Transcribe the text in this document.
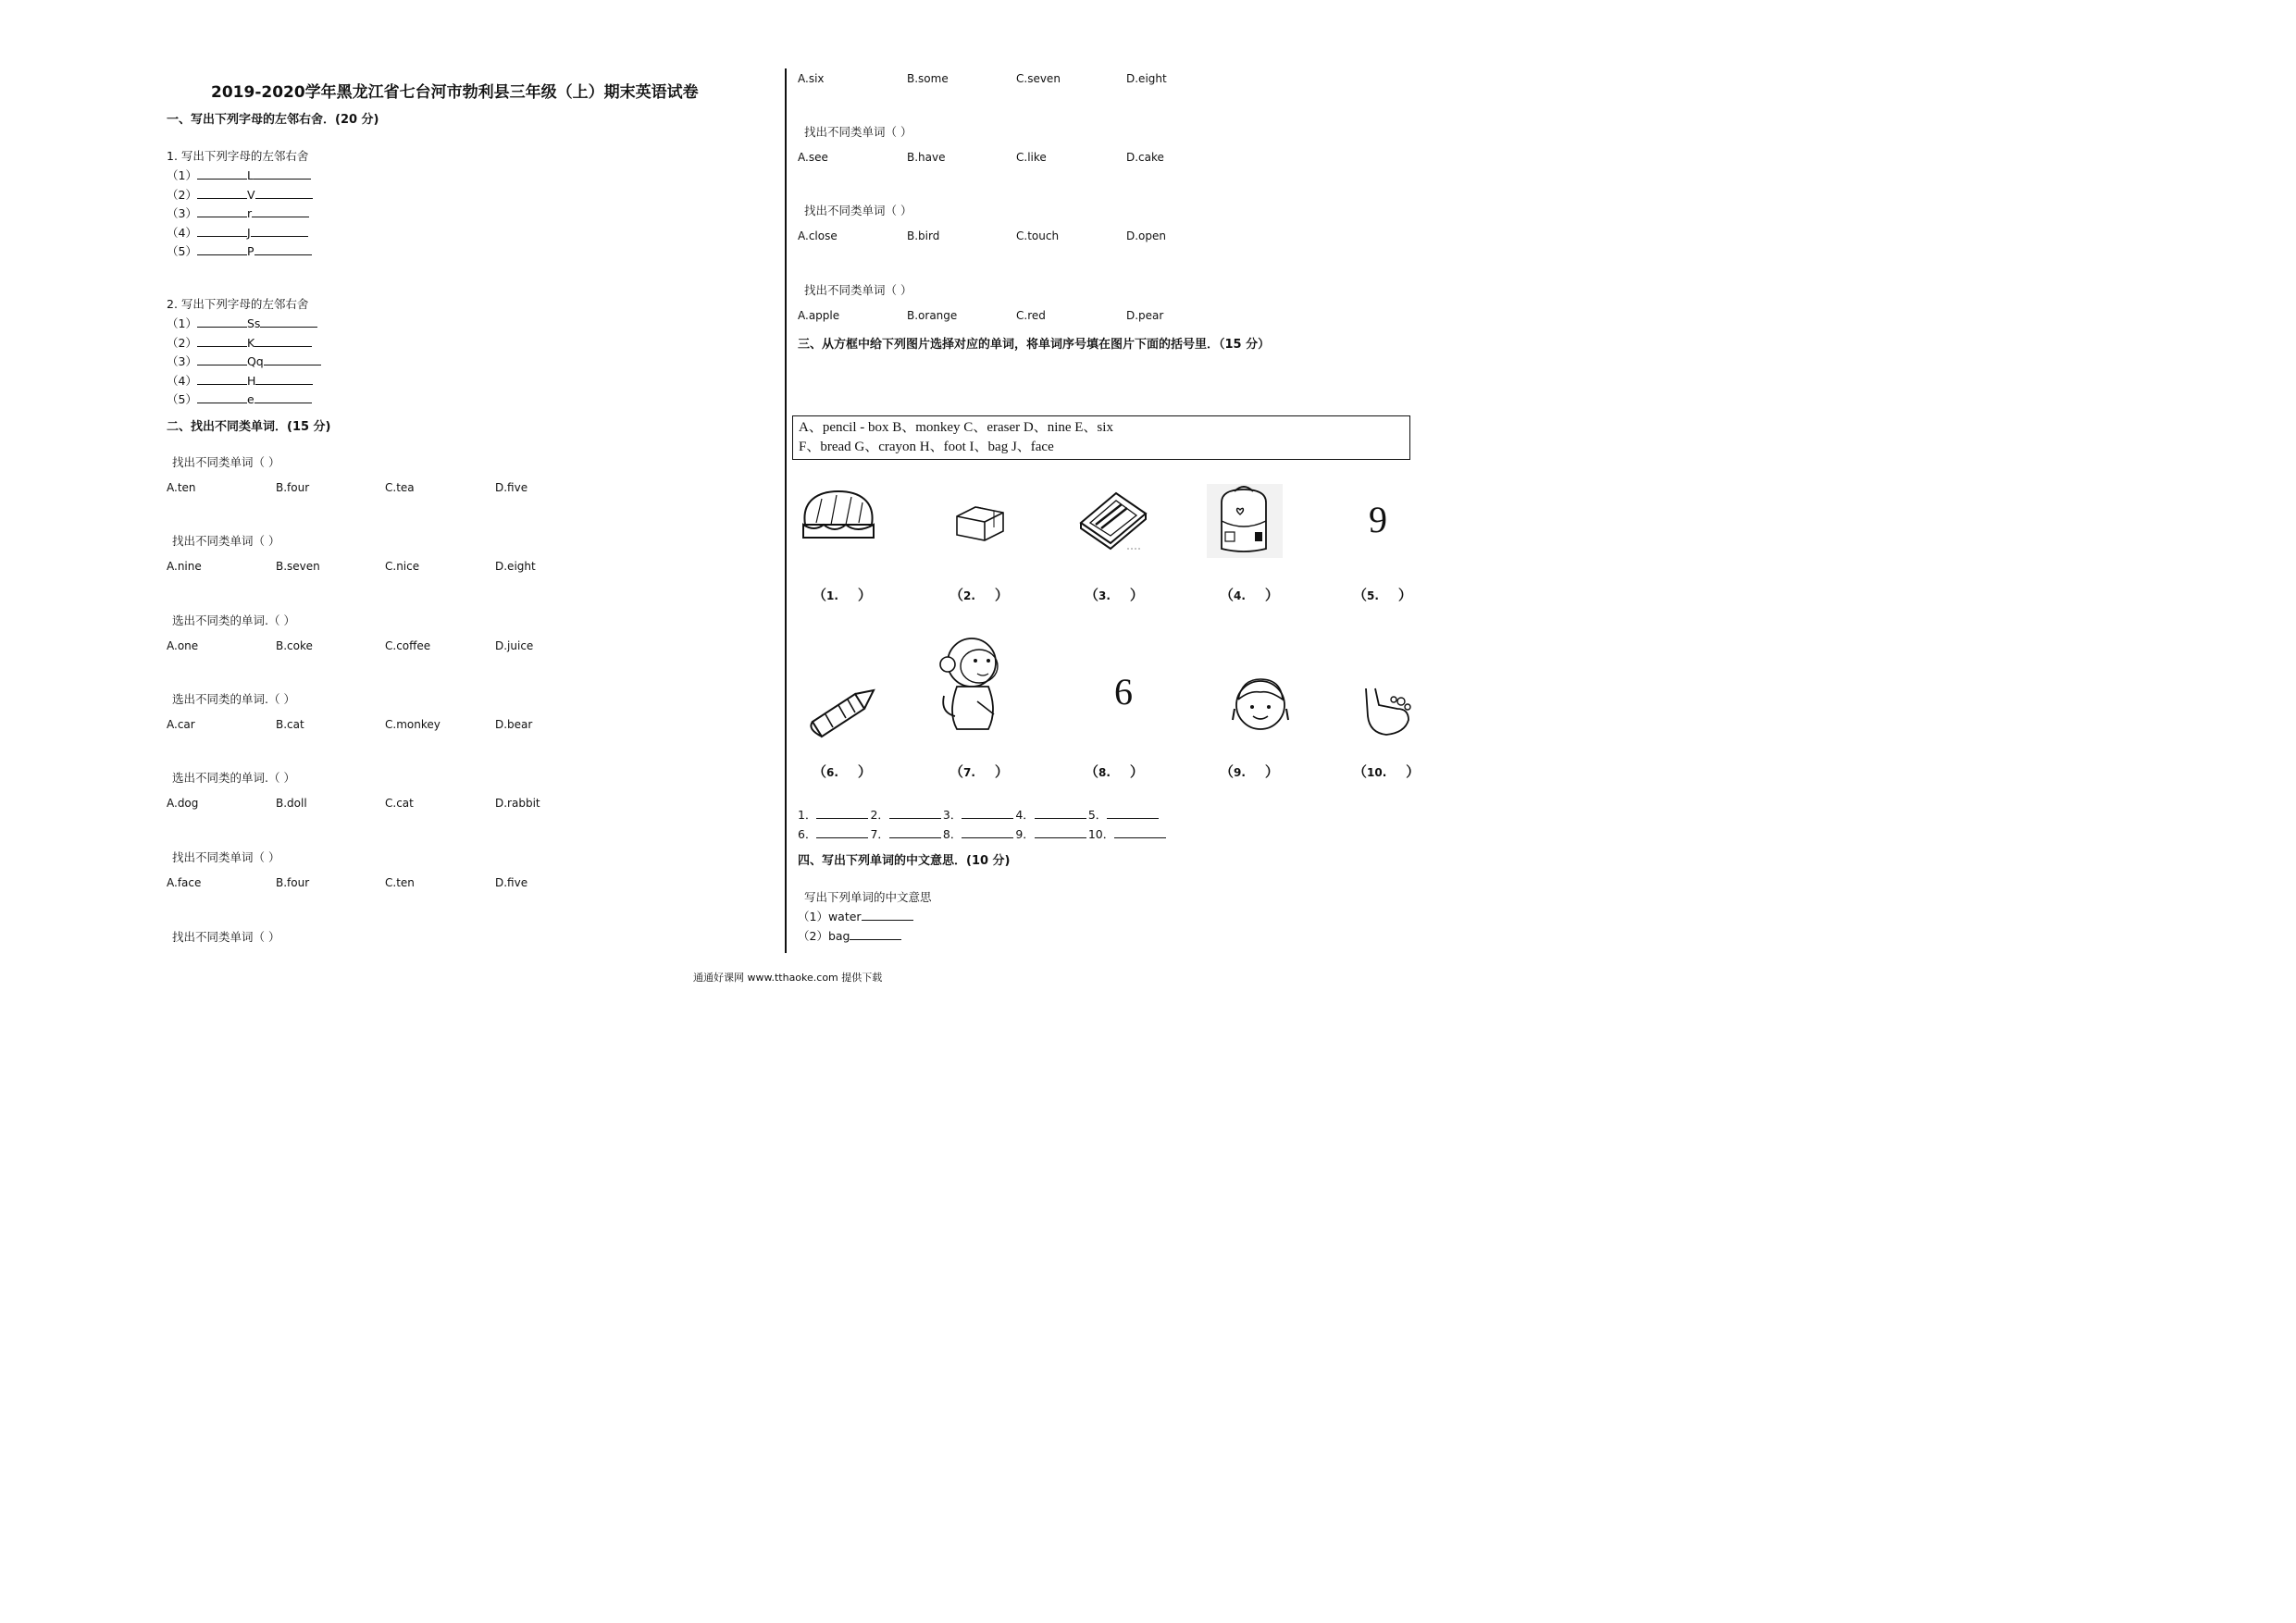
2019-2020学年黑龙江省七台河市勃利县三年级（上）期末英语试卷
一、写出下列字母的左邻右舍．(20 分)
1. 写出下列字母的左邻右舍
（1）	L
（2）	V
（3）	r
（4）	J
（5）	P
2. 写出下列字母的左邻右舍
（1）	Ss
（2）	K
（3）	Qq
（4）	H
（5）	e
二、找出不同类单词．(15 分)
找出不同类单词（ ）
A.ten	B.four	C.tea	D.five
找出不同类单词（ ）
A.nine	B.seven	C.nice	D.eight
选出不同类的单词.（ ）
A.one	B.coke	C.coffee	D.juice
选出不同类的单词.（ ）
A.car	B.cat	C.monkey	D.bear
选出不同类的单词.（ ）
A.dog	B.doll	C.cat	D.rabbit
找出不同类单词（ ）
A.face	B.four	C.ten	D.five
找出不同类单词（ ）
A.six	B.some	C.seven	D.eight
找出不同类单词（ ）
A.see	B.have	C.like	D.cake
找出不同类单词（ ）
A.close	B.bird	C.touch	D.open
找出不同类单词（ ）
A.apple	B.orange	C.red	D.pear
三、从方框中给下列图片选择对应的单词，将单词序号填在图片下面的括号里．（15 分）
A、pencil - box B、monkey C、eraser D、nine E、six
F、bread G、crayon H、foot I、bag J、face
9
（1.    ）	（2.    ）	（3.    ）	（4.    ）	（5.    ）
6
（6.    ）	（7.    ）	（8.    ）	（9.    ）	（10.    ）
1．	2．	3．	4．	5．
6．	7．	8．	9．	10．
四、写出下列单词的中文意思．(10 分)
写出下列单词的中文意思
（1）water
（2）bag
通通好课网 www.tthaoke.com 提供下载
